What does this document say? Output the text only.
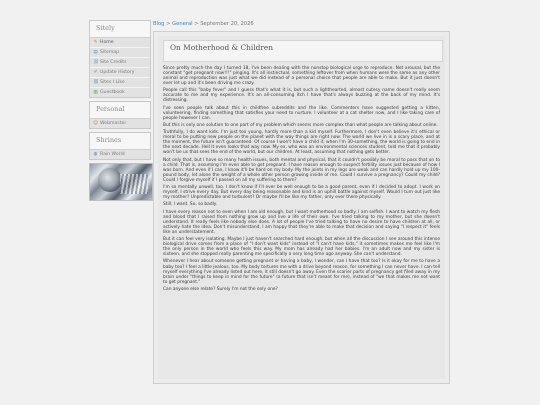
Sitely
✎ Home
▤ Sitemap
⛓ Site Credits
✐ Update History
⛓ Sites I Like
▥ Guestbook
Personal
☺ Webmaster
Shrines
◍ Rain World
Blog > General > September 20, 2026
On Motherhood & Children

Since pretty much the day I turned 18, I've been dealing with the nonstop biological urge to reproduce. Not arousal, but the constant "get pregnant now!!!" pinging. It's all instinctual, something leftover from when humans were the same as any other animal and reproduction was just what we did instead of a personal choice that people are able to make. But it just doesn't ever let up and it's been driving me crazy.

People call this "baby fever" and I guess that's what it is, but such a lighthearted, almost cutesy name doesn't really seem accurate to me and my experience. It's an all-consuming itch I have that's always buzzing at the back of my mind. It's distressing.

I've seen people talk about this in childfree subreddits and the like. Commenters have suggested getting a kitten, volunteering, finding something that satisfies your need to nurture. I volunteer at a cat shelter now, and I like taking care of people however I can.

But this is only one solution to one part of my problem which seems more complex than what people are talking about online.

Truthfully, I do want kids. I'm just too young, hardly more than a kid myself. Furthermore, I don't even believe it's ethical or moral to be putting new people on the planet with the way things are right now. The world we live in is a scary place, and at the moment, the future isn't guaranteed. Of course I won't have a child if, when I'm 30-something, the world is going to end in the next decade. Hell it even looks that way now. My ex, who was an environmental sciences student, told me that it probably won't be us that sees the end of the world, but our children. At least, assuming that nothing gets better.

Not only that, but I have so many health issues, both mental and physical, that it couldn't possibly be moral to pass that on to a child. That is, assuming I'm even able to get pregnant. I have reason enough to suspect fertility issues just because of how I was born. And even if I can, I know it'll be hard on my body. My the joints in my legs are weak and can hardly hold up my 100-pound body, let alone the weight of a whole other person growing inside of me. Could I survive a pregnancy? Could my child? Could I forgive myself if I passed on all my suffering to them?

I'm so mentally unwell, too. I don't know if I'll ever be well enough to be a good parent, even if I decided to adopt. I work on myself, I strive every day. But every day being reasonable and kind is an uphill battle against myself. Would I turn out just like my mother? Unpredictable and turbulent? Or maybe I'll be like my father, only ever there physically.

Still, I want. So, so badly.

I have every reason not to even when I am old enough, but I want motherhood so badly. I am selfish. I want to watch my flesh and blood that I raised from nothing grow up and live a life of their own. I've tried talking to my mother, but she doesn't understand. It really feels like nobody else does. A lot of people I've tried talking to have no desire to have children at all, or actively hate the idea. Don't misunderstand, I am happy that they're able to make that decision and saying "I respect it" feels like an understatement.

But it can feel very isolating. Maybe I just haven't searched hard enough, but when all the discussion I see around this intense biological drive comes from a place of "I don't want kids" instead of "I can't have kids," it sometimes makes me feel like I'm the only person in the world who feels this way. My mom has already had her babies. I'm an adult now and my sister is sixteen, and she stopped really parenting me specifically a very long time ago anyway. She can't understand.

Whenever I hear about someone getting pregnant or having a baby, I wonder, can I have that too? Is it okay for me to have a baby too? I feel a little jealous, too. My body tortures me with a drive beyond reason, for something I can never have. I can tell myself everything I've already listed out here, it still doesn't go away. Even the scarier parts of pregnancy get filed away in my brain under "things to keep in mind for the future" (a future that isn't meant for me), instead of "we that makes me not want to get pregnant."

Can anyone else relate? Surely I'm not the only one?
